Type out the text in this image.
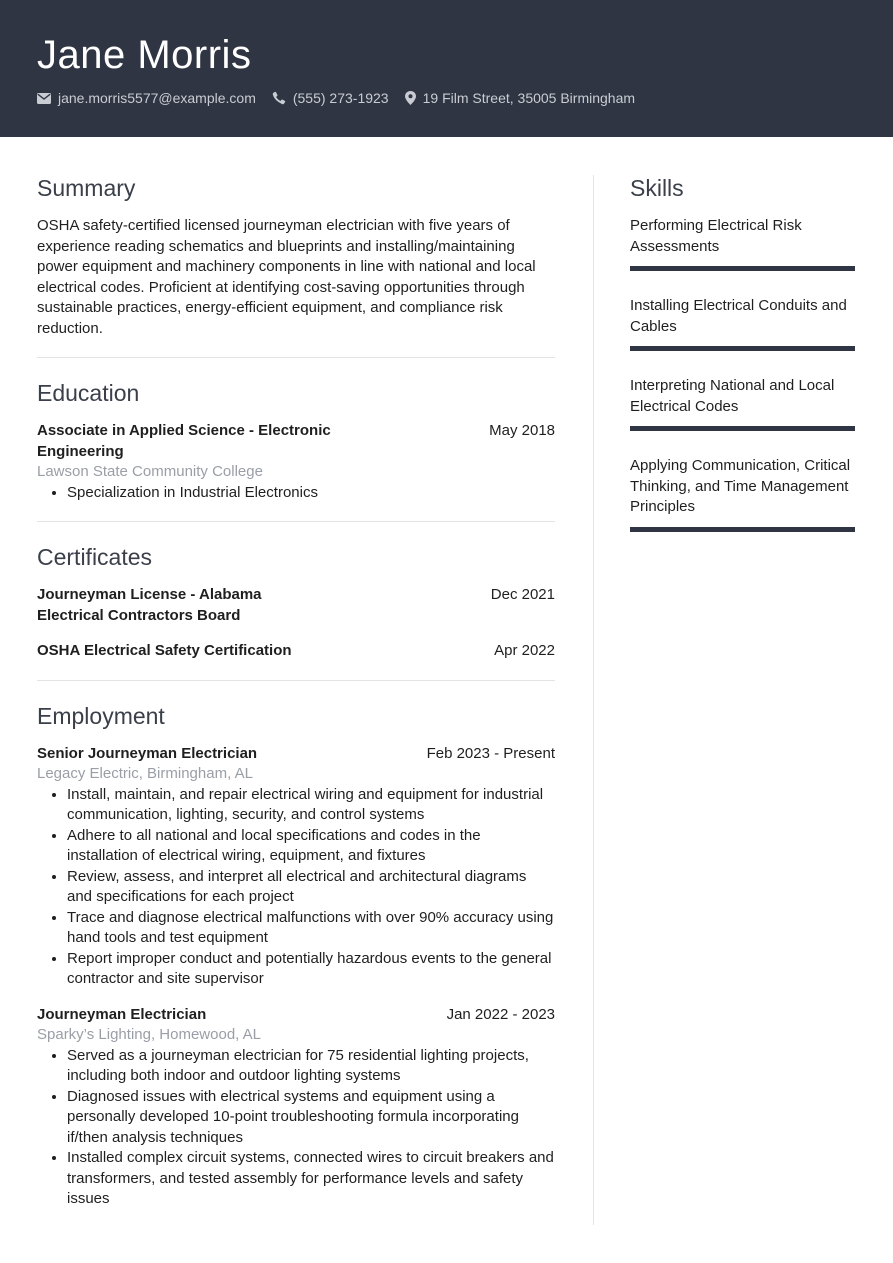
Jane Morris
jane.morris5577@example.com	(555) 273-1923 19 Film Street, 35005 Birmingham
Summary
OSHA safety-certified licensed journeyman electrician with five years of experience reading schematics and blueprints and installing/maintaining power equipment and machinery components in line with national and local electrical codes. Proficient at identifying cost-saving opportunities through sustainable practices, energy-efficient equipment, and compliance risk reduction.
Education
Associate in Applied Science - Electronic Engineering
May 2018
Lawson State Community College
• Specialization in Industrial Electronics
Certificates
Journeyman License - Alabama Electrical Contractors Board
Dec 2021
OSHA Electrical Safety Certification	Apr 2022
Employment
Senior Journeyman Electrician	Feb 2023 - Present
Legacy Electric, Birmingham, AL
• Install, maintain, and repair electrical wiring and equipment for industrial communication, lighting, security, and control systems
• Adhere to all national and local specifications and codes in the installation of electrical wiring, equipment, and fixtures
• Review, assess, and interpret all electrical and architectural diagrams and specifications for each project
• Trace and diagnose electrical malfunctions with over 90% accuracy using hand tools and test equipment
• Report improper conduct and potentially hazardous events to the general contractor and site supervisor
Journeyman Electrician	Jan 2022 - 2023
Sparky’s Lighting, Homewood, AL
• Served as a journeyman electrician for 75 residential lighting projects, including both indoor and outdoor lighting systems
• Diagnosed issues with electrical systems and equipment using a personally developed 10-point troubleshooting formula incorporating if/then analysis techniques
• Installed complex circuit systems, connected wires to circuit breakers and transformers, and tested assembly for performance levels and safety issues
Skills
Performing Electrical Risk Assessments
Installing Electrical Conduits and Cables
Interpreting National and Local Electrical Codes
Applying Communication, Critical Thinking, and Time Management Principles
